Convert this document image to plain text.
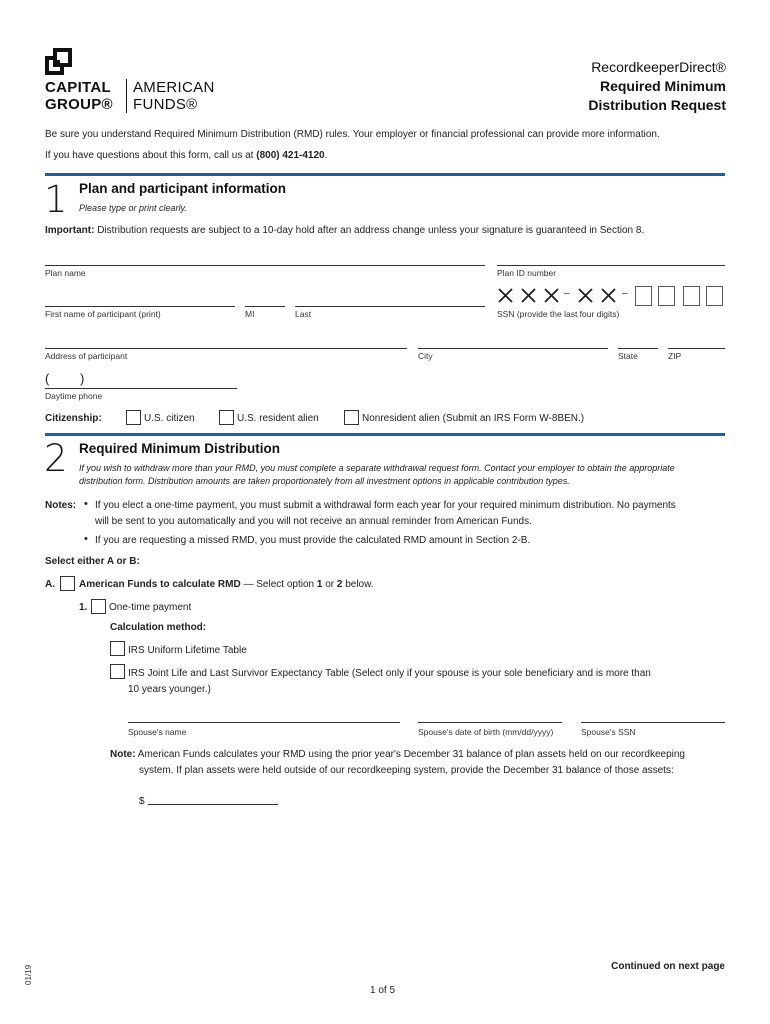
CAPITAL
GROUP®
AMERICAN
FUNDS®
RecordkeeperDirect®
Required Minimum
Distribution Request
Be sure you understand Required Minimum Distribution (RMD) rules. Your employer or financial professional can provide more information.
If you have questions about this form, call us at (800) 421-4120.
1 Plan and participant information
Please type or print clearly.
Important: Distribution requests are subject to a 10-day hold after an address change unless your signature is guaranteed in Section 8.
Plan name	Plan ID number
First name of participant (print)	MI	Last
–	–
SSN (provide the last four digits)
Address of participant	City	State	ZIP
( )
Daytime phone
Citizenship:	U.S. citizen	U.S. resident alien	Nonresident alien (Submit an IRS Form W-8BEN.)
2 Required Minimum Distribution
If you wish to withdraw more than your RMD, you must complete a separate withdrawal request form. Contact your employer to obtain the appropriate
distribution form. Distribution amounts are taken proportionately from all investment options in applicable contribution types.
Notes: • If you elect a one-time payment, you must submit a withdrawal form each year for your required minimum distribution. No payments
will be sent to you automatically and you will not receive an annual reminder from American Funds.
• If you are requesting a missed RMD, you must provide the calculated RMD amount in Section 2-B.
Select either A or B:
A. American Funds to calculate RMD — Select option 1 or 2 below.
1. One-time payment
Calculation method:
IRS Uniform Lifetime Table
IRS Joint Life and Last Survivor Expectancy Table (Select only if your spouse is your sole beneficiary and is more than
10 years younger.)
Spouse's name	Spouse's date of birth (mm/dd/yyyy)	Spouse's SSN
Note: American Funds calculates your RMD using the prior year's December 31 balance of plan assets held on our recordkeeping
system. If plan assets were held outside of our recordkeeping system, provide the December 31 balance of those assets:
$
Continued on next page
1 of 5
01/19
